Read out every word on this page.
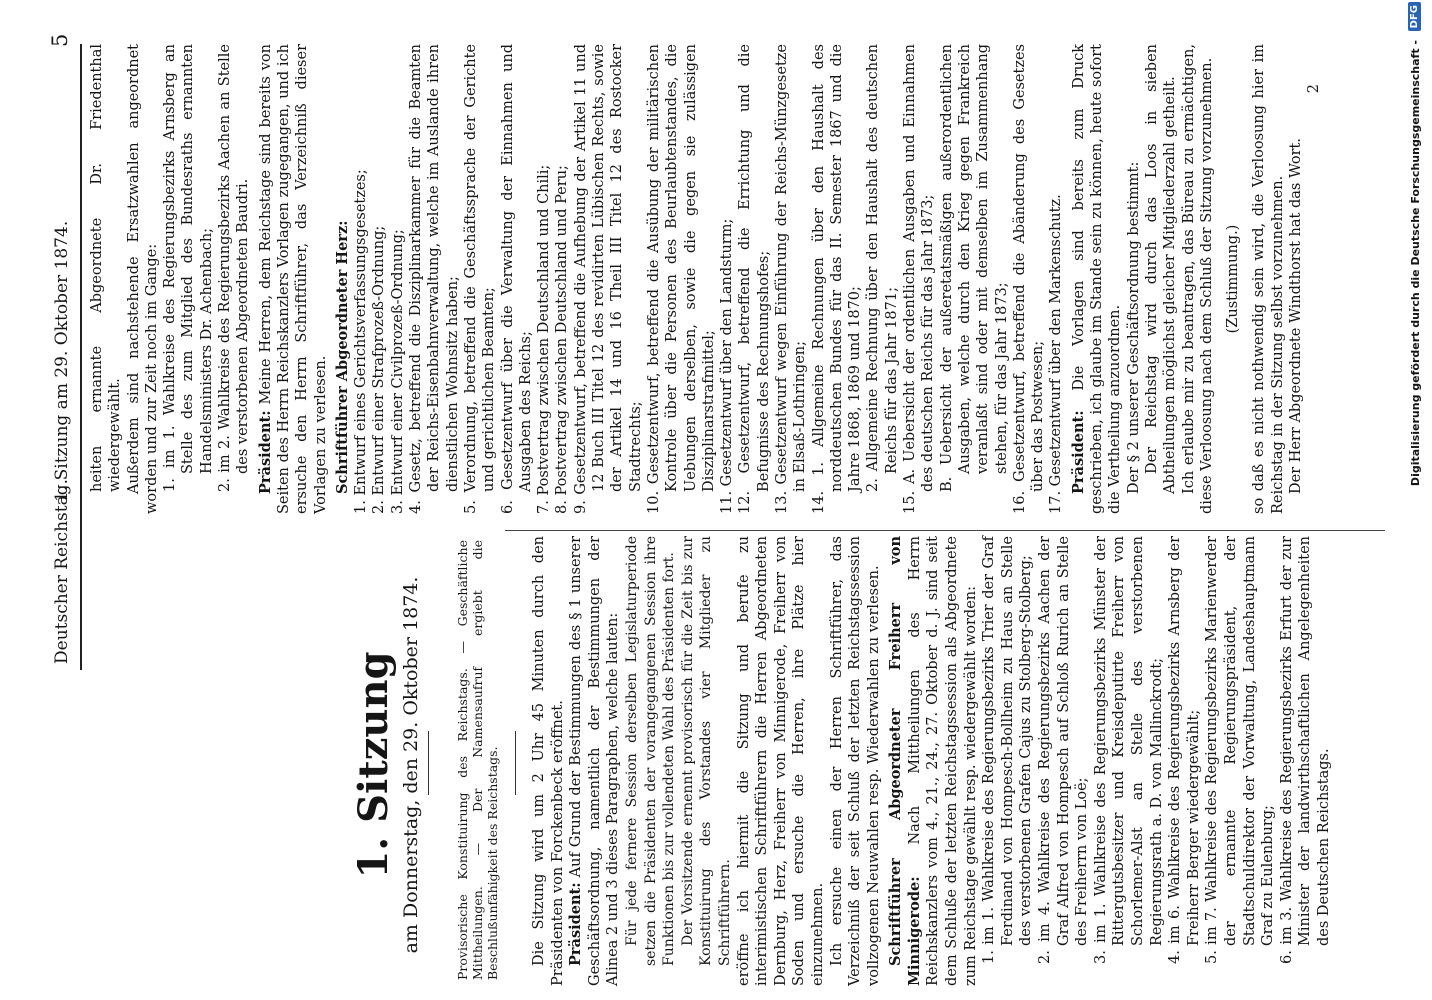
Deutscher Reichstag.
1. Sitzung am 29. Oktober 1874.
5
1. Sitzung am Donnerstag, den 29. Oktober 1874.	Provisorische Konstituirung des Reichstags. — Geschäftliche Mittheilungen. — Der Namensaufruf ergiebt die Beschlußunfähigkeit des Reichstags. Die Sitzung wird um 2 Uhr 45 Minuten durch den Präsidenten von Forckenbeck eröffnet. Präsident: Auf Grund der Bestimmungen des § 1 unserer Geschäftsordnung, namentlich der Bestimmungen der Alinea 2 und 3 dieses Paragraphen, welche lauten: Für jede fernere Session derselben Legislaturperiode setzen die Präsidenten der vorangegangenen Session ihre Funktionen bis zur vollendeten Wahl des Präsidenten fort. Der Vorsitzende ernennt provisorisch für die Zeit bis zur Konstituirung des Vorstandes vier Mitglieder zu Schriftführern. eröffne ich hiermit die Sitzung und berufe zu interimistischen Schriftführern die Herren Abgeordneten Dernburg, Herz, Freiherr von Minnigerode, Freiherr von Soden und ersuche die Herren, ihre Plätze hier einzunehmen. Ich ersuche einen der Herren Schriftführer, das Verzeichniß der seit Schluß der letzten Reichstagssession vollzogenen Neuwahlen resp. Wiederwahlen zu verlesen. Schriftführer Abgeordneter Freiherr von Minnigerode: Nach Mittheilungen des Herrn Reichskanzlers vom 4., 21., 24., 27. Oktober d. J. sind seit dem Schluße der letzten Reichstagssession als Abgeordnete zum Reichstage gewählt resp. wiedergewählt worden: 1. im 1. Wahlkreise des Regierungsbezirks Trier der Graf Ferdinand von Hompesch-Bollheim zu Haus an Stelle des verstorbenen Grafen Cajus zu Stolberg-Stolberg; 2. im 4. Wahlkreise des Regierungsbezirks Aachen der Graf Alfred von Hompesch auf Schloß Rurich an Stelle des Freiherrn von Loë; 3. im 1. Wahlkreise des Regierungsbezirks Münster der Rittergutsbesitzer und Kreisdeputirte Freiherr von Schorlemer-Alst an Stelle des verstorbenen Regierungsrath a. D. von Mallinckrodt; 4. im 6. Wahlkreise des Regierungsbezirks Arnsberg der Freiherr Berger wiedergewählt; 5. im 7. Wahlkreise des Regierungsbezirks Marienwerder der ernannte Regierungspräsident, der Stadtschuldirektor der Vorwaltung, Landeshauptmann Graf zu Eulenburg; 6. im 3. Wahlkreise des Regierungsbezirks Erfurt der zur Minister der landwirthschaftlichen Angelegenheiten des Deutschen Reichstags.

heiten ernannte Abgeordnete Dr. Friedenthal wiedergewählt. Außerdem sind nachstehende Ersatzwahlen angeordnet worden und zur Zeit noch im Gange: 1. im 1. Wahlkreise des Regierungsbezirks Arnsberg an Stelle des zum Mitglied des Bundesraths ernannten Handelsministers Dr. Achenbach; 2. im 2. Wahlkreise des Regierungsbezirks Aachen an Stelle des verstorbenen Abgeordneten Baudri. Präsident: Meine Herren, dem Reichstage sind bereits von Seiten des Herrn Reichskanzlers Vorlagen zugegangen, und ich ersuche den Herrn Schriftführer, das Verzeichniß dieser Vorlagen zu verlesen. Schriftführer Abgeordneter Herz: 1. Entwurf eines Gerichtsverfassungsgesetzes; 2. Entwurf einer Strafprozeß-Ordnung; 3. Entwurf einer Civilprozeß-Ordnung; 4. Gesetz, betreffend die Disziplinarkammer für die Beamten der Reichs-Eisenbahnverwaltung, welche im Auslande ihren dienstlichen Wohnsitz haben; 5. Verordnung, betreffend die Geschäftssprache der Gerichte und gerichtlichen Beamten; 6. Gesetzentwurf über die Verwaltung der Einnahmen und Ausgaben des Reichs; 7. Postvertrag zwischen Deutschland und Chili; 8. Postvertrag zwischen Deutschland und Peru; 9. Gesetzentwurf, betreffend die Aufhebung der Artikel 11 und 12 Buch III Titel 12 des revidirten Lübischen Rechts, sowie der Artikel 14 und 16 Theil III Titel 12 des Rostocker Stadtrechts; 10. Gesetzentwurf, betreffend die Ausübung der militärischen Kontrole über die Personen des Beurlaubtenstandes, die Uebungen derselben, sowie die gegen sie zulässigen Disziplinarstrafmittel; 11. Gesetzentwurf über den Landsturm; 12. Gesetzentwurf, betreffend die Errichtung und die Befugnisse des Rechnungshofes; 13. Gesetzentwurf wegen Einführung der Reichs-Münzgesetze in Elsaß-Lothringen; 14. 1. Allgemeine Rechnungen über den Haushalt des norddeutschen Bundes für das II. Semester 1867 und die Jahre 1868, 1869 und 1870; 2. Allgemeine Rechnung über den Haushalt des deutschen Reichs für das Jahr 1871; 15. A. Uebersicht der ordentlichen Ausgaben und Einnahmen des deutschen Reichs für das Jahr 1873; B. Uebersicht der außeretatsmäßigen außerordentlichen Ausgaben, welche durch den Krieg gegen Frankreich veranlaßt sind oder mit demselben im Zusammenhang stehen, für das Jahr 1873; 16. Gesetzentwurf, betreffend die Abänderung des Gesetzes über das Postwesen; 17. Gesetzentwurf über den Markenschutz. Präsident: Die Vorlagen sind bereits zum Druck geschrieben, ich glaube im Stande sein zu können, heute sofort die Vertheilung anzuordnen. Der § 2 unserer Geschäftsordnung bestimmt: Der Reichstag wird durch das Loos in sieben Abtheilungen möglichst gleicher Mitgliederzahl getheilt. Ich erlaube mir zu beantragen, das Büreau zu ermächtigen, diese Verloosung nach dem Schluß der Sitzung vorzunehmen. (Zustimmung.) so daß es nicht nothwendig sein wird, die Verloosung hier im Reichstag in der Sitzung selbst vorzunehmen. Der Herr Abgeordnete Windthorst hat das Wort.

2	Digitalisierung gefördert durch die Deutsche Forschungsgemeinschaft -
DFG
